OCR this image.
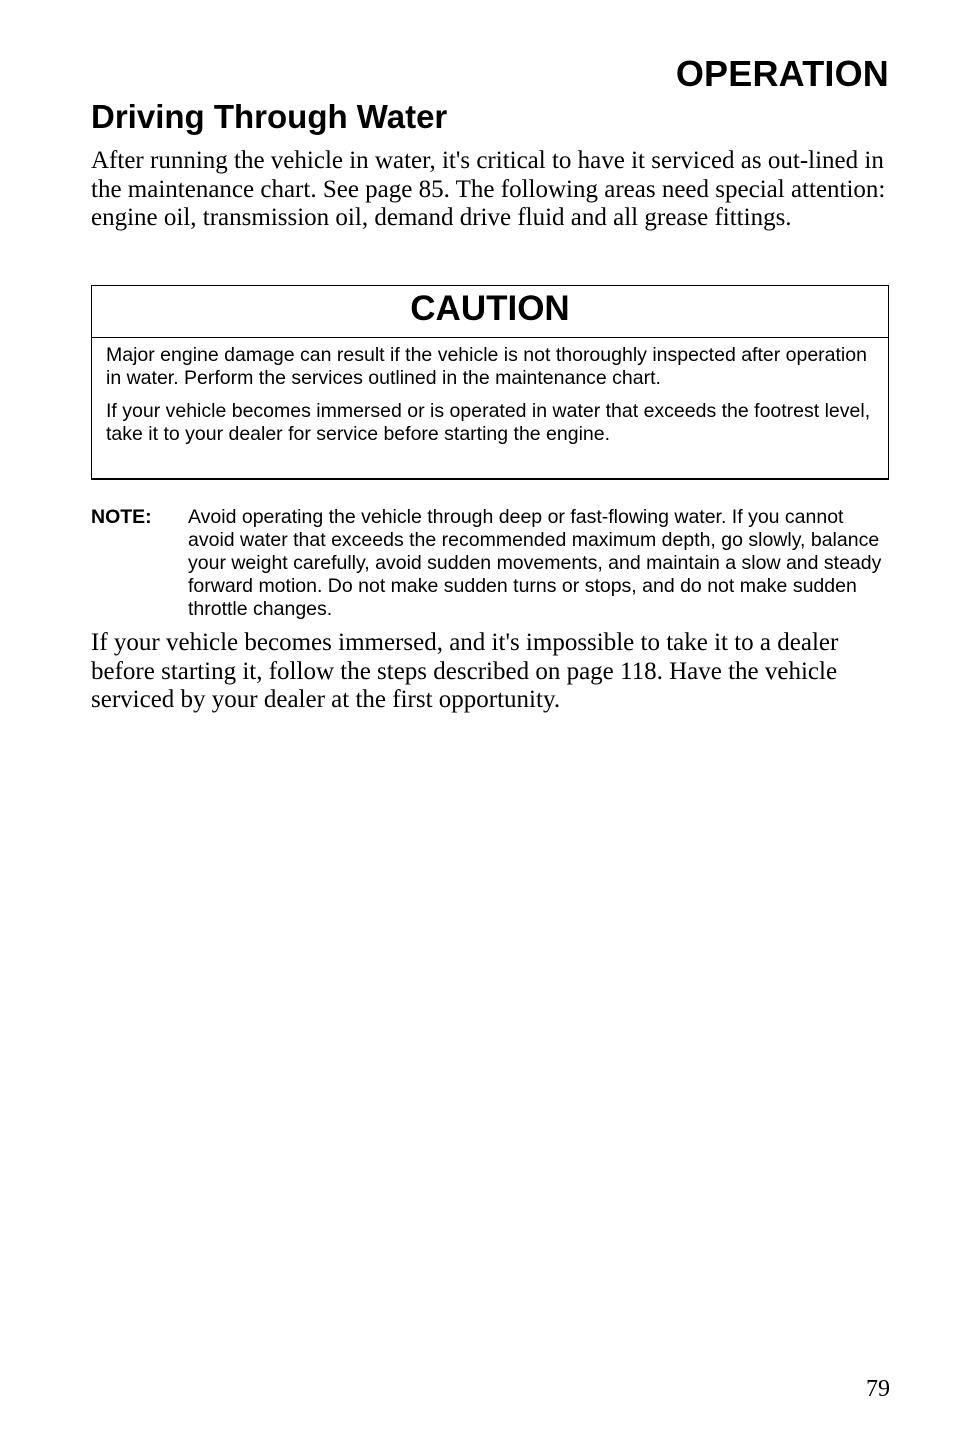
OPERATION
Driving Through Water

After running the vehicle in water, it's critical to have it serviced as out-lined in the maintenance chart. See page 85. The following areas need special attention: engine oil, transmission oil, demand drive fluid and all grease fittings.

CAUTION

Major engine damage can result if the vehicle is not thoroughly inspected after operation in water. Perform the services outlined in the maintenance chart.

If your vehicle becomes immersed or is operated in water that exceeds the footrest level, take it to your dealer for service before starting the engine.

NOTE: Avoid operating the vehicle through deep or fast-flowing water. If you cannot avoid water that exceeds the recommended maximum depth, go slowly, balance your weight carefully, avoid sudden movements, and maintain a slow and steady forward motion. Do not make sudden turns or stops, and do not make sudden throttle changes.

If your vehicle becomes immersed, and it's impossible to take it to a dealer before starting it, follow the steps described on page 118. Have the vehicle serviced by your dealer at the first opportunity.

79
